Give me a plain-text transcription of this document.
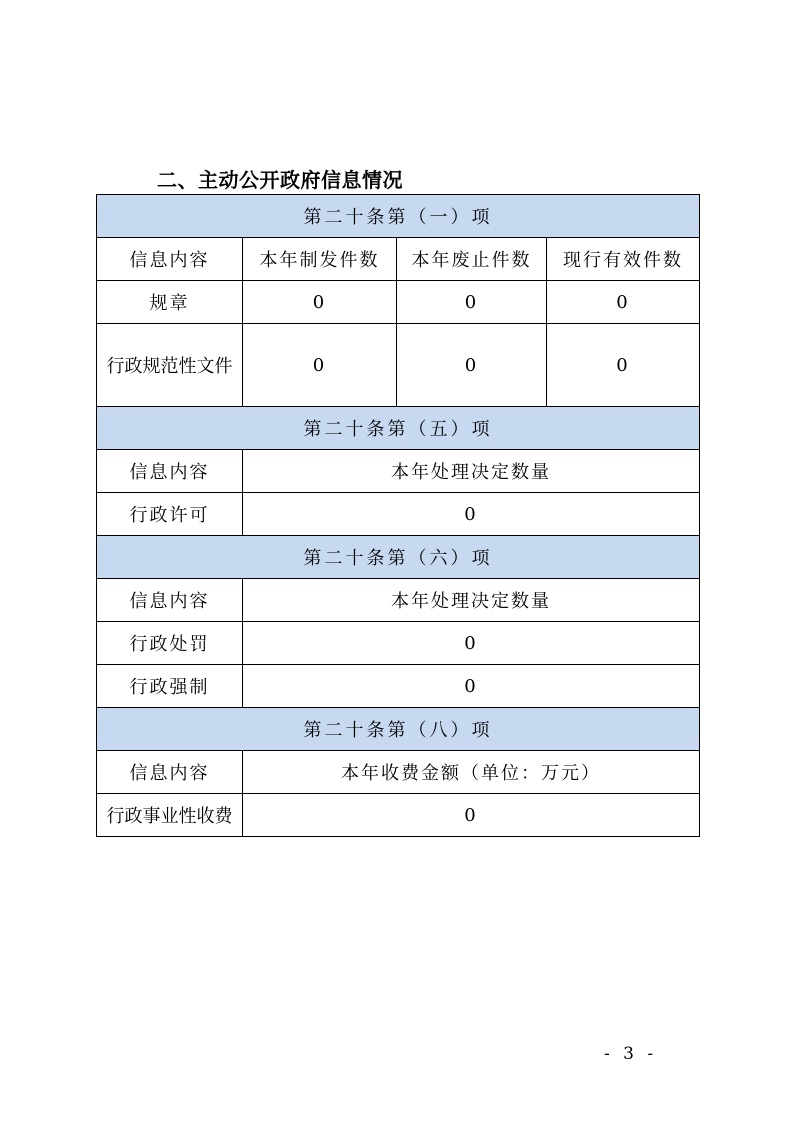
二、主动公开政府信息情况
第二十条第（一）项			
信息内容	本年制发件数	本年废止件数	现行有效件数
规章	0	0	0
行政规范性文件	0	0	0
第二十条第（五）项			
信息内容	本年处理决定数量		
行政许可	0		
第二十条第（六）项			
信息内容	本年处理决定数量		
行政处罚	0		
行政强制	0		
第二十条第（八）项			
信息内容	本年收费金额（单位：万元）		
行政事业性收费	0		
- 3 -
